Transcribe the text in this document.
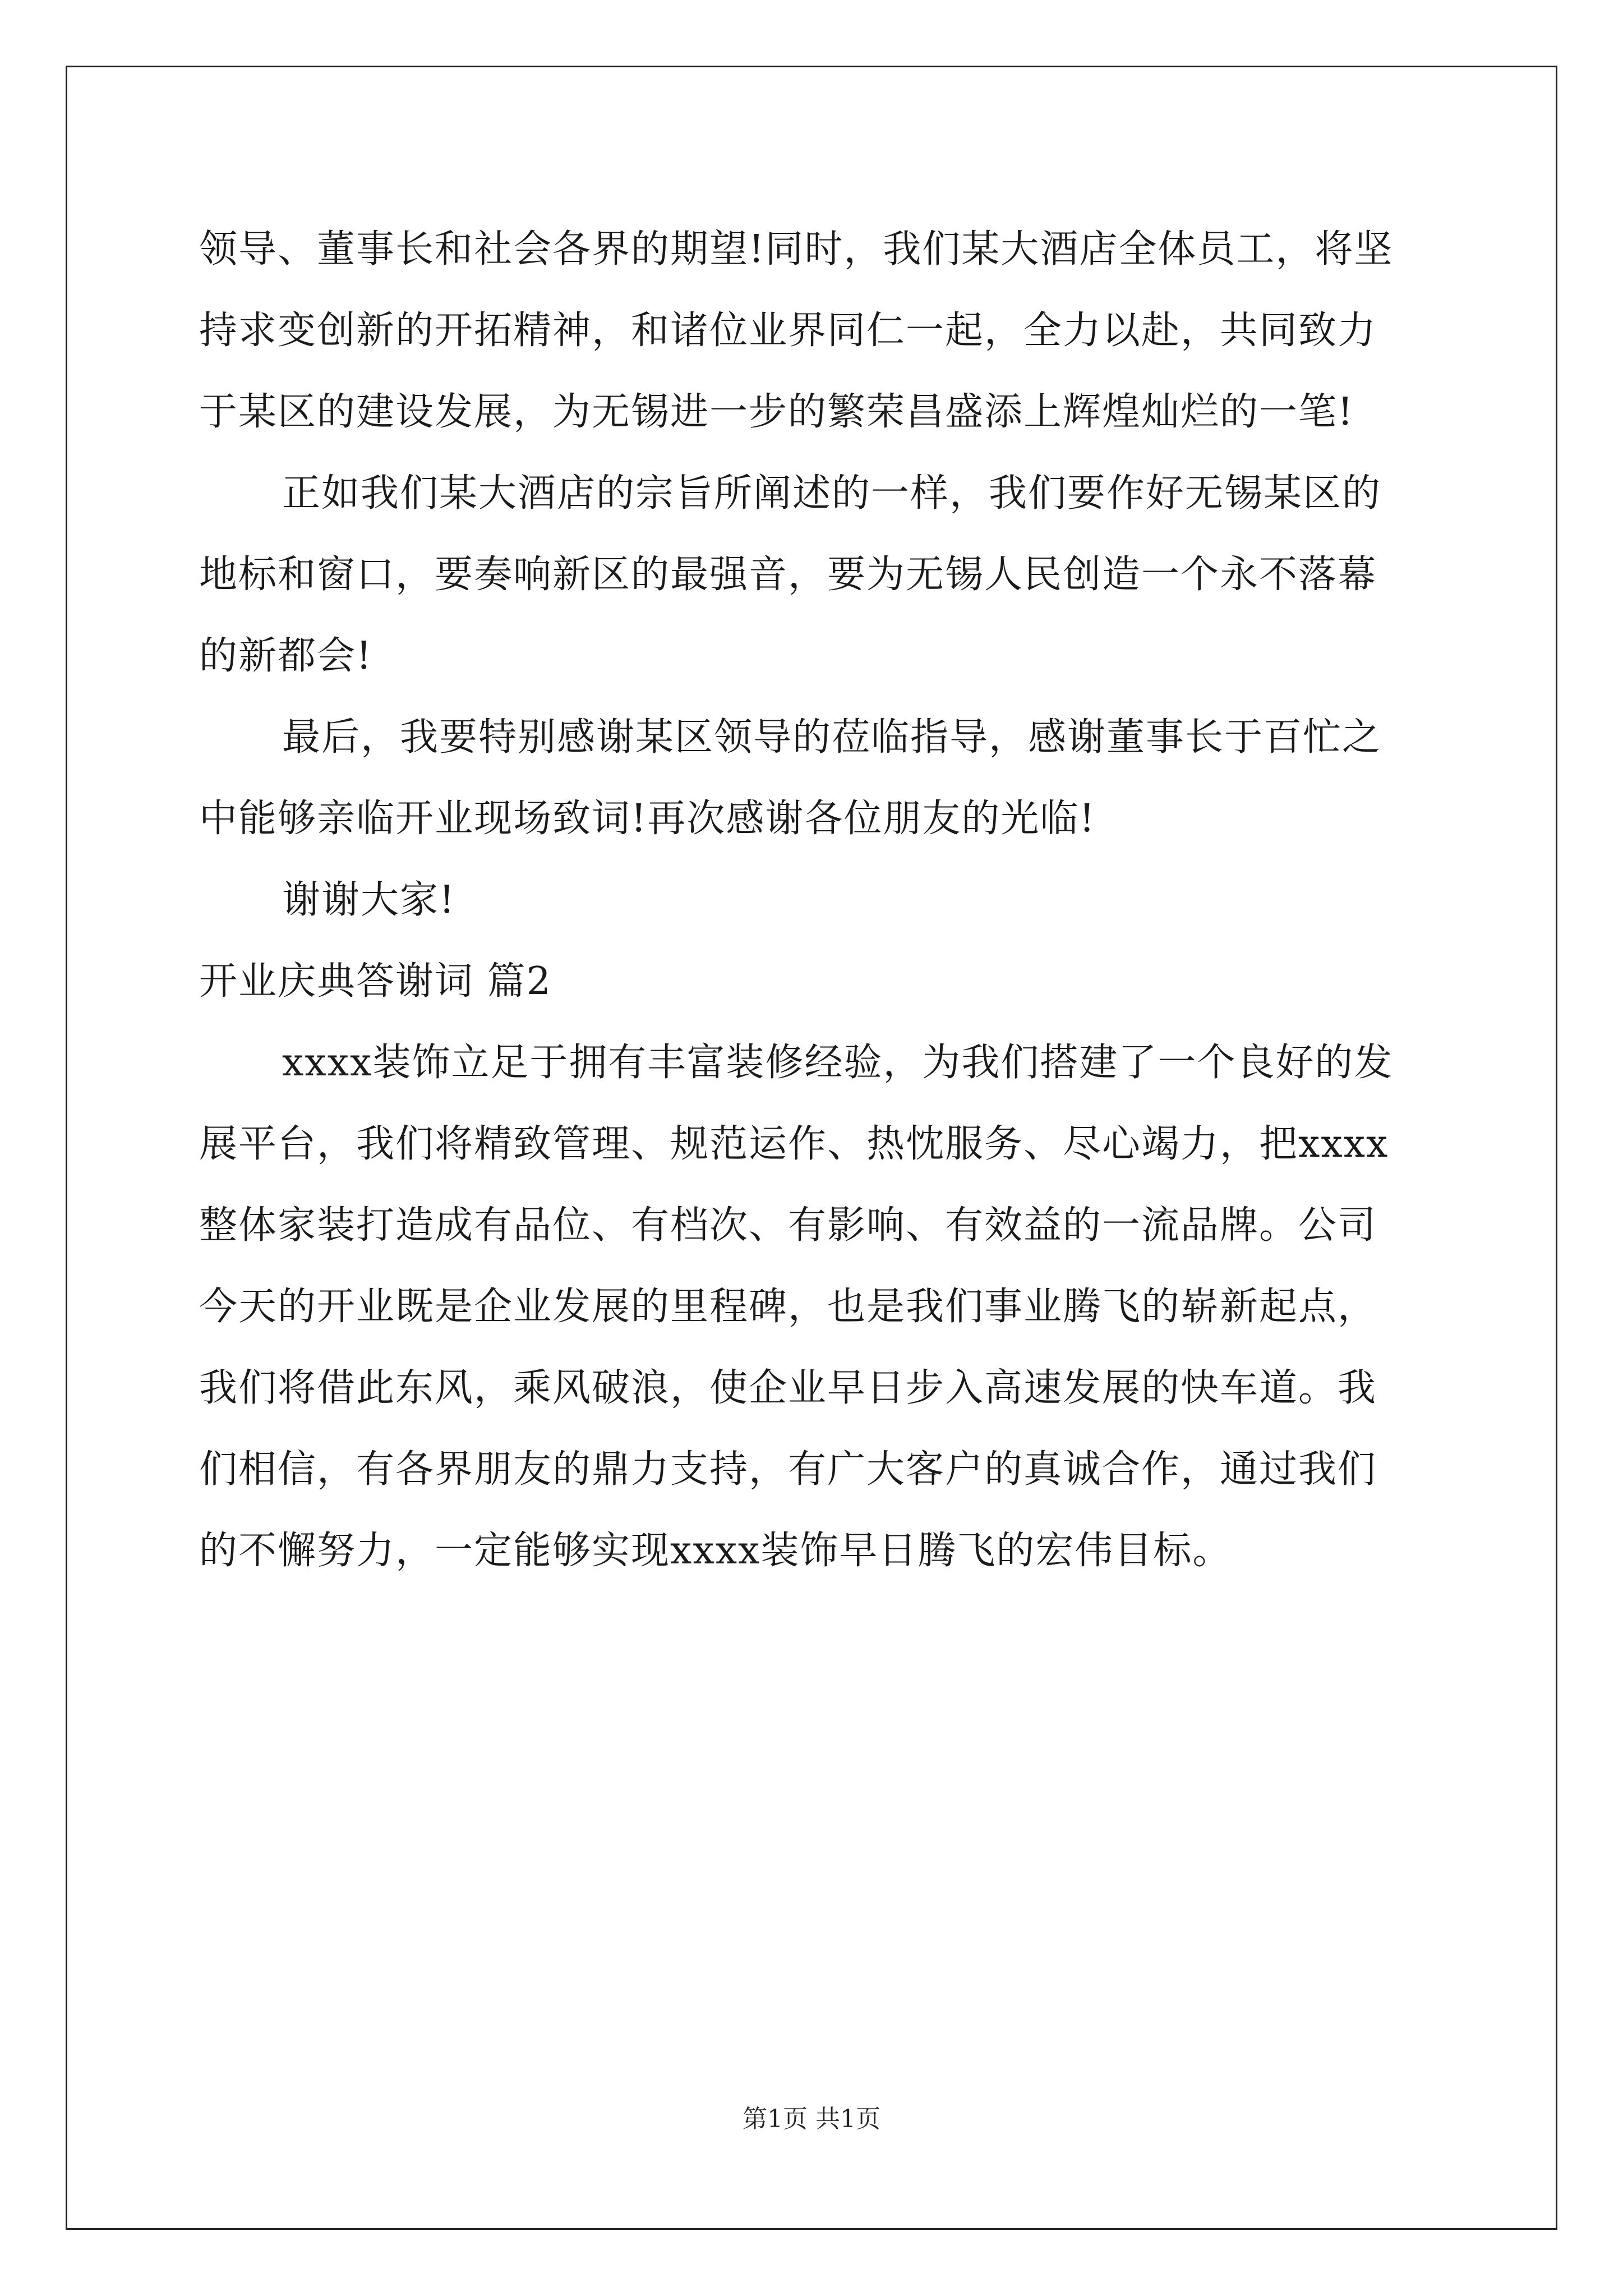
领导、董事长和社会各界的期望!同时，我们某大酒店全体员工，将坚
持求变创新的开拓精神，和诸位业界同仁一起，全力以赴，共同致力
于某区的建设发展，为无锡进一步的繁荣昌盛添上辉煌灿烂的一笔!
正如我们某大酒店的宗旨所阐述的一样，我们要作好无锡某区的
地标和窗口，要奏响新区的最强音，要为无锡人民创造一个永不落幕
的新都会!
最后，我要特别感谢某区领导的莅临指导，感谢董事长于百忙之
中能够亲临开业现场致词!再次感谢各位朋友的光临!
谢谢大家!
开业庆典答谢词 篇2
xxxx装饰立足于拥有丰富装修经验，为我们搭建了一个良好的发
展平台，我们将精致管理、规范运作、热忱服务、尽心竭力，把xxxx
整体家装打造成有品位、有档次、有影响、有效益的一流品牌。公司
今天的开业既是企业发展的里程碑，也是我们事业腾飞的崭新起点，
我们将借此东风，乘风破浪，使企业早日步入高速发展的快车道。我
们相信，有各界朋友的鼎力支持，有广大客户的真诚合作，通过我们
的不懈努力，一定能够实现xxxx装饰早日腾飞的宏伟目标。
第1页 共1页
